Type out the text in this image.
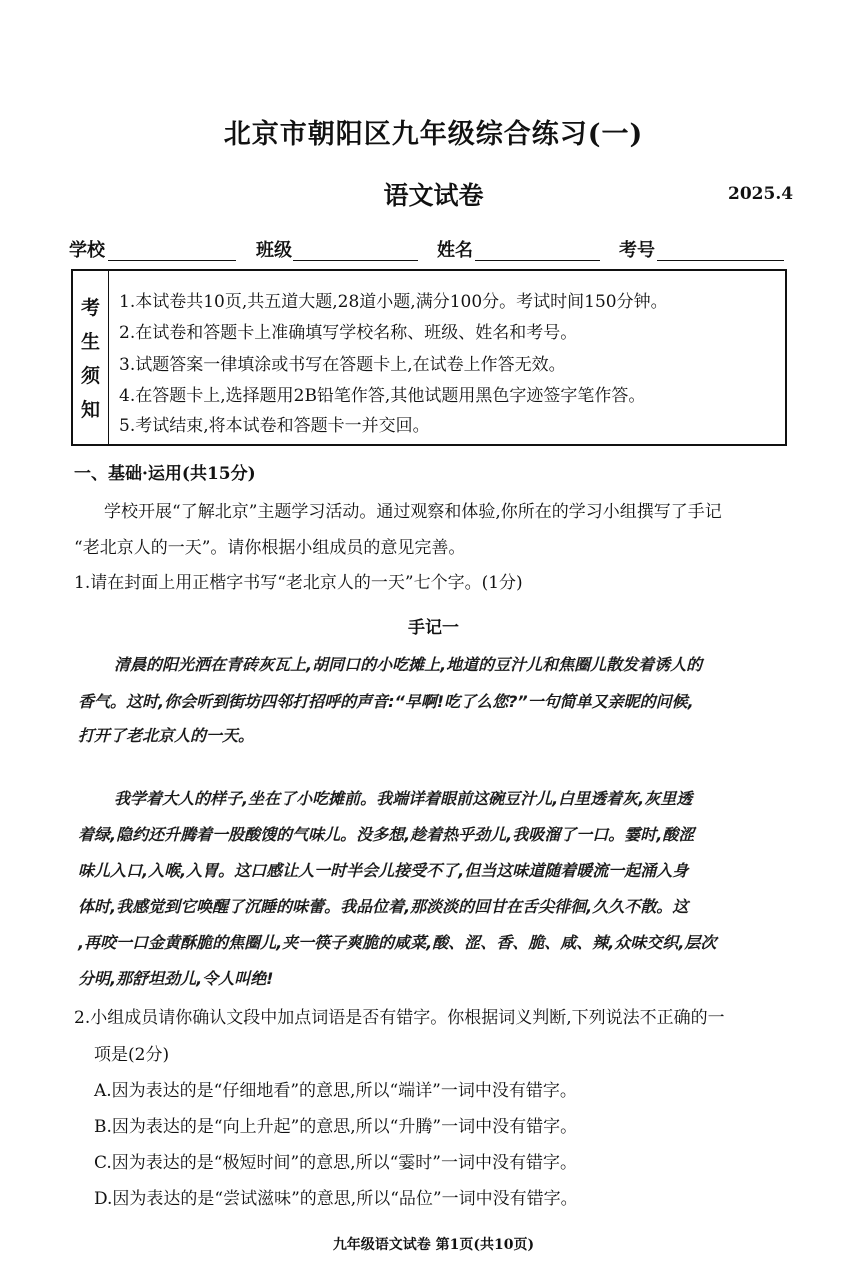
北京市朝阳区九年级综合练习(一)
语文试卷	2025.4
学校	班级	姓名	考号
考
生
须
知
1.本试卷共10页,共五道大题,28道小题,满分100分。考试时间150分钟。
2.在试卷和答题卡上准确填写学校名称、班级、姓名和考号。
3.试题答案一律填涂或书写在答题卡上,在试卷上作答无效。
4.在答题卡上,选择题用2B铅笔作答,其他试题用黑色字迹签字笔作答。
5.考试结束,将本试卷和答题卡一并交回。
一、基础·运用(共15分)
学校开展“了解北京”主题学习活动。通过观察和体验,你所在的学习小组撰写了手记
“老北京人的一天”。请你根据小组成员的意见完善。
1.请在封面上用正楷字书写“老北京人的一天”七个字。(1分)
手记一
清晨的阳光洒在青砖灰瓦上,胡同口的小吃摊上,地道的豆汁儿和焦圈儿散发着诱人的
香气。这时,你会听到街坊四邻打招呼的声音:“早啊!吃了么您?”一句简单又亲昵的问候,
打开了老北京人的一天。
我学着大人的样子,坐在了小吃摊前。我端详着眼前这碗豆汁儿,白里透着灰,灰里透
着绿,隐约还升腾着一股酸馊的气味儿。没多想,趁着热乎劲儿,我吸溜了一口。霎时,酸涩
味儿入口,入喉,入胃。这口感让人一时半会儿接受不了,但当这味道随着暖流一起涌入身
体时,我感觉到它唤醒了沉睡的味蕾。我品位着,那淡淡的回甘在舌尖徘徊,久久不散。这
,再咬一口金黄酥脆的焦圈儿,夹一筷子爽脆的咸菜,酸、涩、香、脆、咸、辣,众味交织,层次
分明,那舒坦劲儿,令人叫绝!
2.小组成员请你确认文段中加点词语是否有错字。你根据词义判断,下列说法不正确的一
项是(2分)
A.因为表达的是“仔细地看”的意思,所以“端详”一词中没有错字。
B.因为表达的是“向上升起”的意思,所以“升腾”一词中没有错字。
C.因为表达的是“极短时间”的意思,所以“霎时”一词中没有错字。
D.因为表达的是“尝试滋味”的意思,所以“品位”一词中没有错字。
九年级语文试卷 第1页(共10页)
